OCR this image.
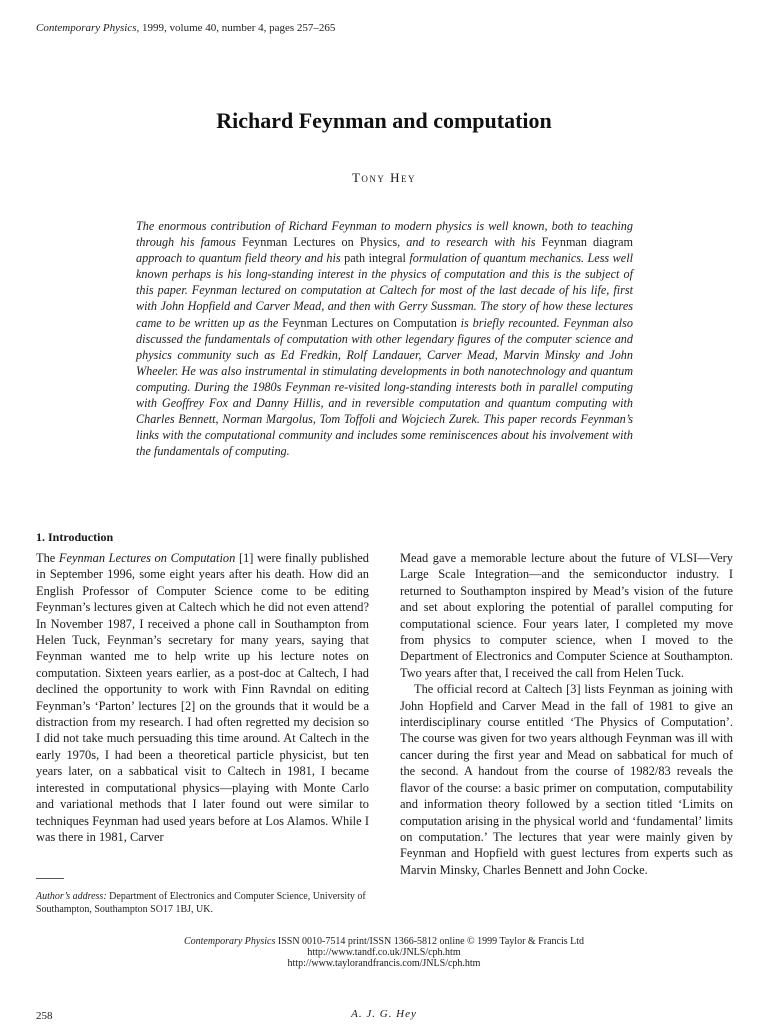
Contemporary Physics, 1999, volume 40, number 4, pages 257–265
Richard Feynman and computation
Tony Hey
The enormous contribution of Richard Feynman to modern physics is well known, both to teaching through his famous Feynman Lectures on Physics, and to research with his Feynman diagram approach to quantum field theory and his path integral formulation of quantum mechanics. Less well known perhaps is his long-standing interest in the physics of computation and this is the subject of this paper. Feynman lectured on computation at Caltech for most of the last decade of his life, first with John Hopfield and Carver Mead, and then with Gerry Sussman. The story of how these lectures came to be written up as the Feynman Lectures on Computation is briefly recounted. Feynman also discussed the fundamentals of computation with other legendary figures of the computer science and physics community such as Ed Fredkin, Rolf Landauer, Carver Mead, Marvin Minsky and John Wheeler. He was also instrumental in stimulating developments in both nanotechnology and quantum computing. During the 1980s Feynman re-visited long-standing interests both in parallel computing with Geoffrey Fox and Danny Hillis, and in reversible computation and quantum computing with Charles Bennett, Norman Margolus, Tom Toffoli and Wojciech Zurek. This paper records Feynman’s links with the computational community and includes some reminiscences about his involvement with the fundamentals of computing.
1. Introduction

The Feynman Lectures on Computation [1] were finally published in September 1996, some eight years after his death. How did an English Professor of Computer Science come to be editing Feynman’s lectures given at Caltech which he did not even attend? In November 1987, I received a phone call in Southampton from Helen Tuck, Feynman’s secretary for many years, saying that Feynman wanted me to help write up his lecture notes on computation. Sixteen years earlier, as a post-doc at Caltech, I had declined the opportunity to work with Finn Ravndal on editing Feynman’s ‘Parton’ lectures [2] on the grounds that it would be a distraction from my research. I had often regretted my decision so I did not take much persuading this time around. At Caltech in the early 1970s, I had been a theoretical particle physicist, but ten years later, on a sabbatical visit to Caltech in 1981, I became interested in computational physics—playing with Monte Carlo and variational methods that I later found out were similar to techniques Feynman had used years before at Los Alamos. While I was there in 1981, Carver

Mead gave a memorable lecture about the future of VLSI—Very Large Scale Integration—and the semiconductor industry. I returned to Southampton inspired by Mead’s vision of the future and set about exploring the potential of parallel computing for computational science. Four years later, I completed my move from physics to computer science, when I moved to the Department of Electronics and Computer Science at Southampton. Two years after that, I received the call from Helen Tuck.

The official record at Caltech [3] lists Feynman as joining with John Hopfield and Carver Mead in the fall of 1981 to give an interdisciplinary course entitled ‘The Physics of Computation’. The course was given for two years although Feynman was ill with cancer during the first year and Mead on sabbatical for much of the second. A handout from the course of 1982/83 reveals the flavor of the course: a basic primer on computation, computability and information theory followed by a section titled ‘Limits on computation arising in the physical world and ‘fundamental’ limits on computation.’ The lectures that year were mainly given by Feynman and Hopfield with guest lectures from experts such as Marvin Minsky, Charles Bennett and John Cocke.

Author’s address: Department of Electronics and Computer Science, University of Southampton, Southampton SO17 1BJ, UK.
Contemporary Physics ISSN 0010-7514 print/ISSN 1366-5812 online © 1999 Taylor & Francis Ltd
http://www.tandf.co.uk/JNLS/cph.htm
http://www.taylorandfrancis.com/JNLS/cph.htm
258	A. J. G. Hey
